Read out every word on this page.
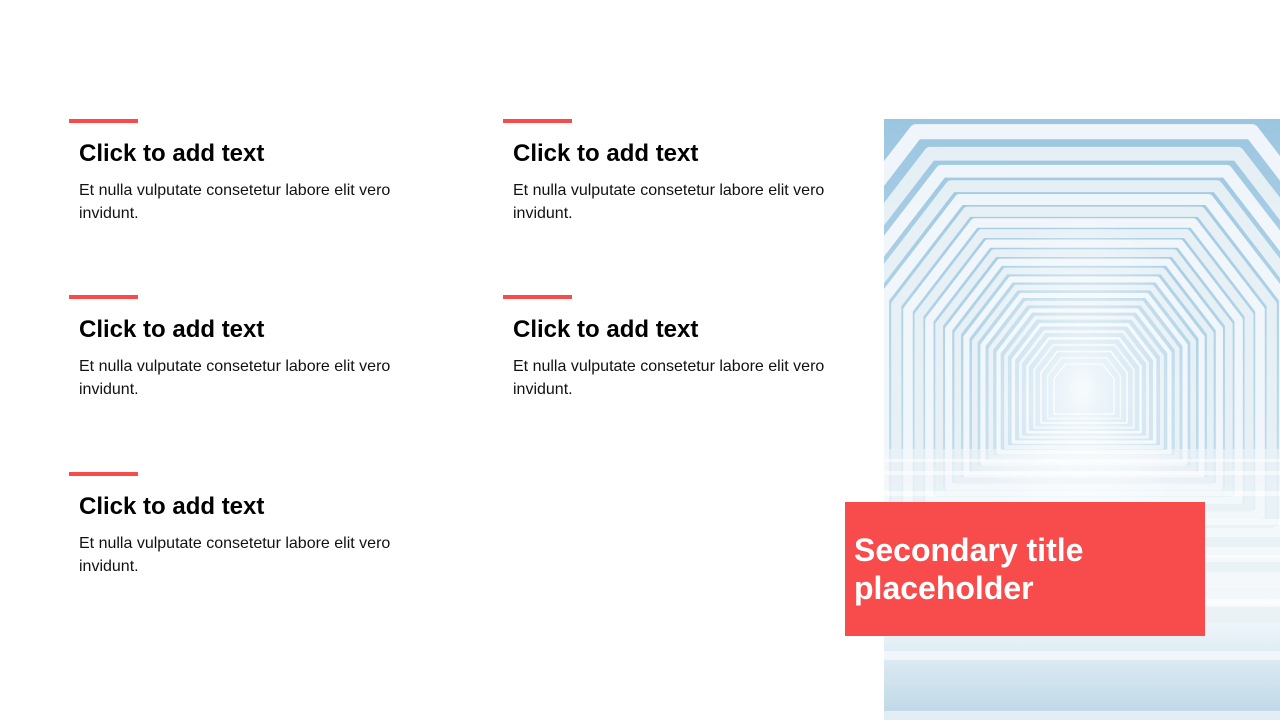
Click to add text

Et nulla vulputate consetetur labore elit vero invidunt.

Click to add text

Et nulla vulputate consetetur labore elit vero invidunt.

Click to add text

Et nulla vulputate consetetur labore elit vero invidunt.

Click to add text

Et nulla vulputate consetetur labore elit vero invidunt.

Click to add text

Et nulla vulputate consetetur labore elit vero invidunt.

Secondary title placeholder
